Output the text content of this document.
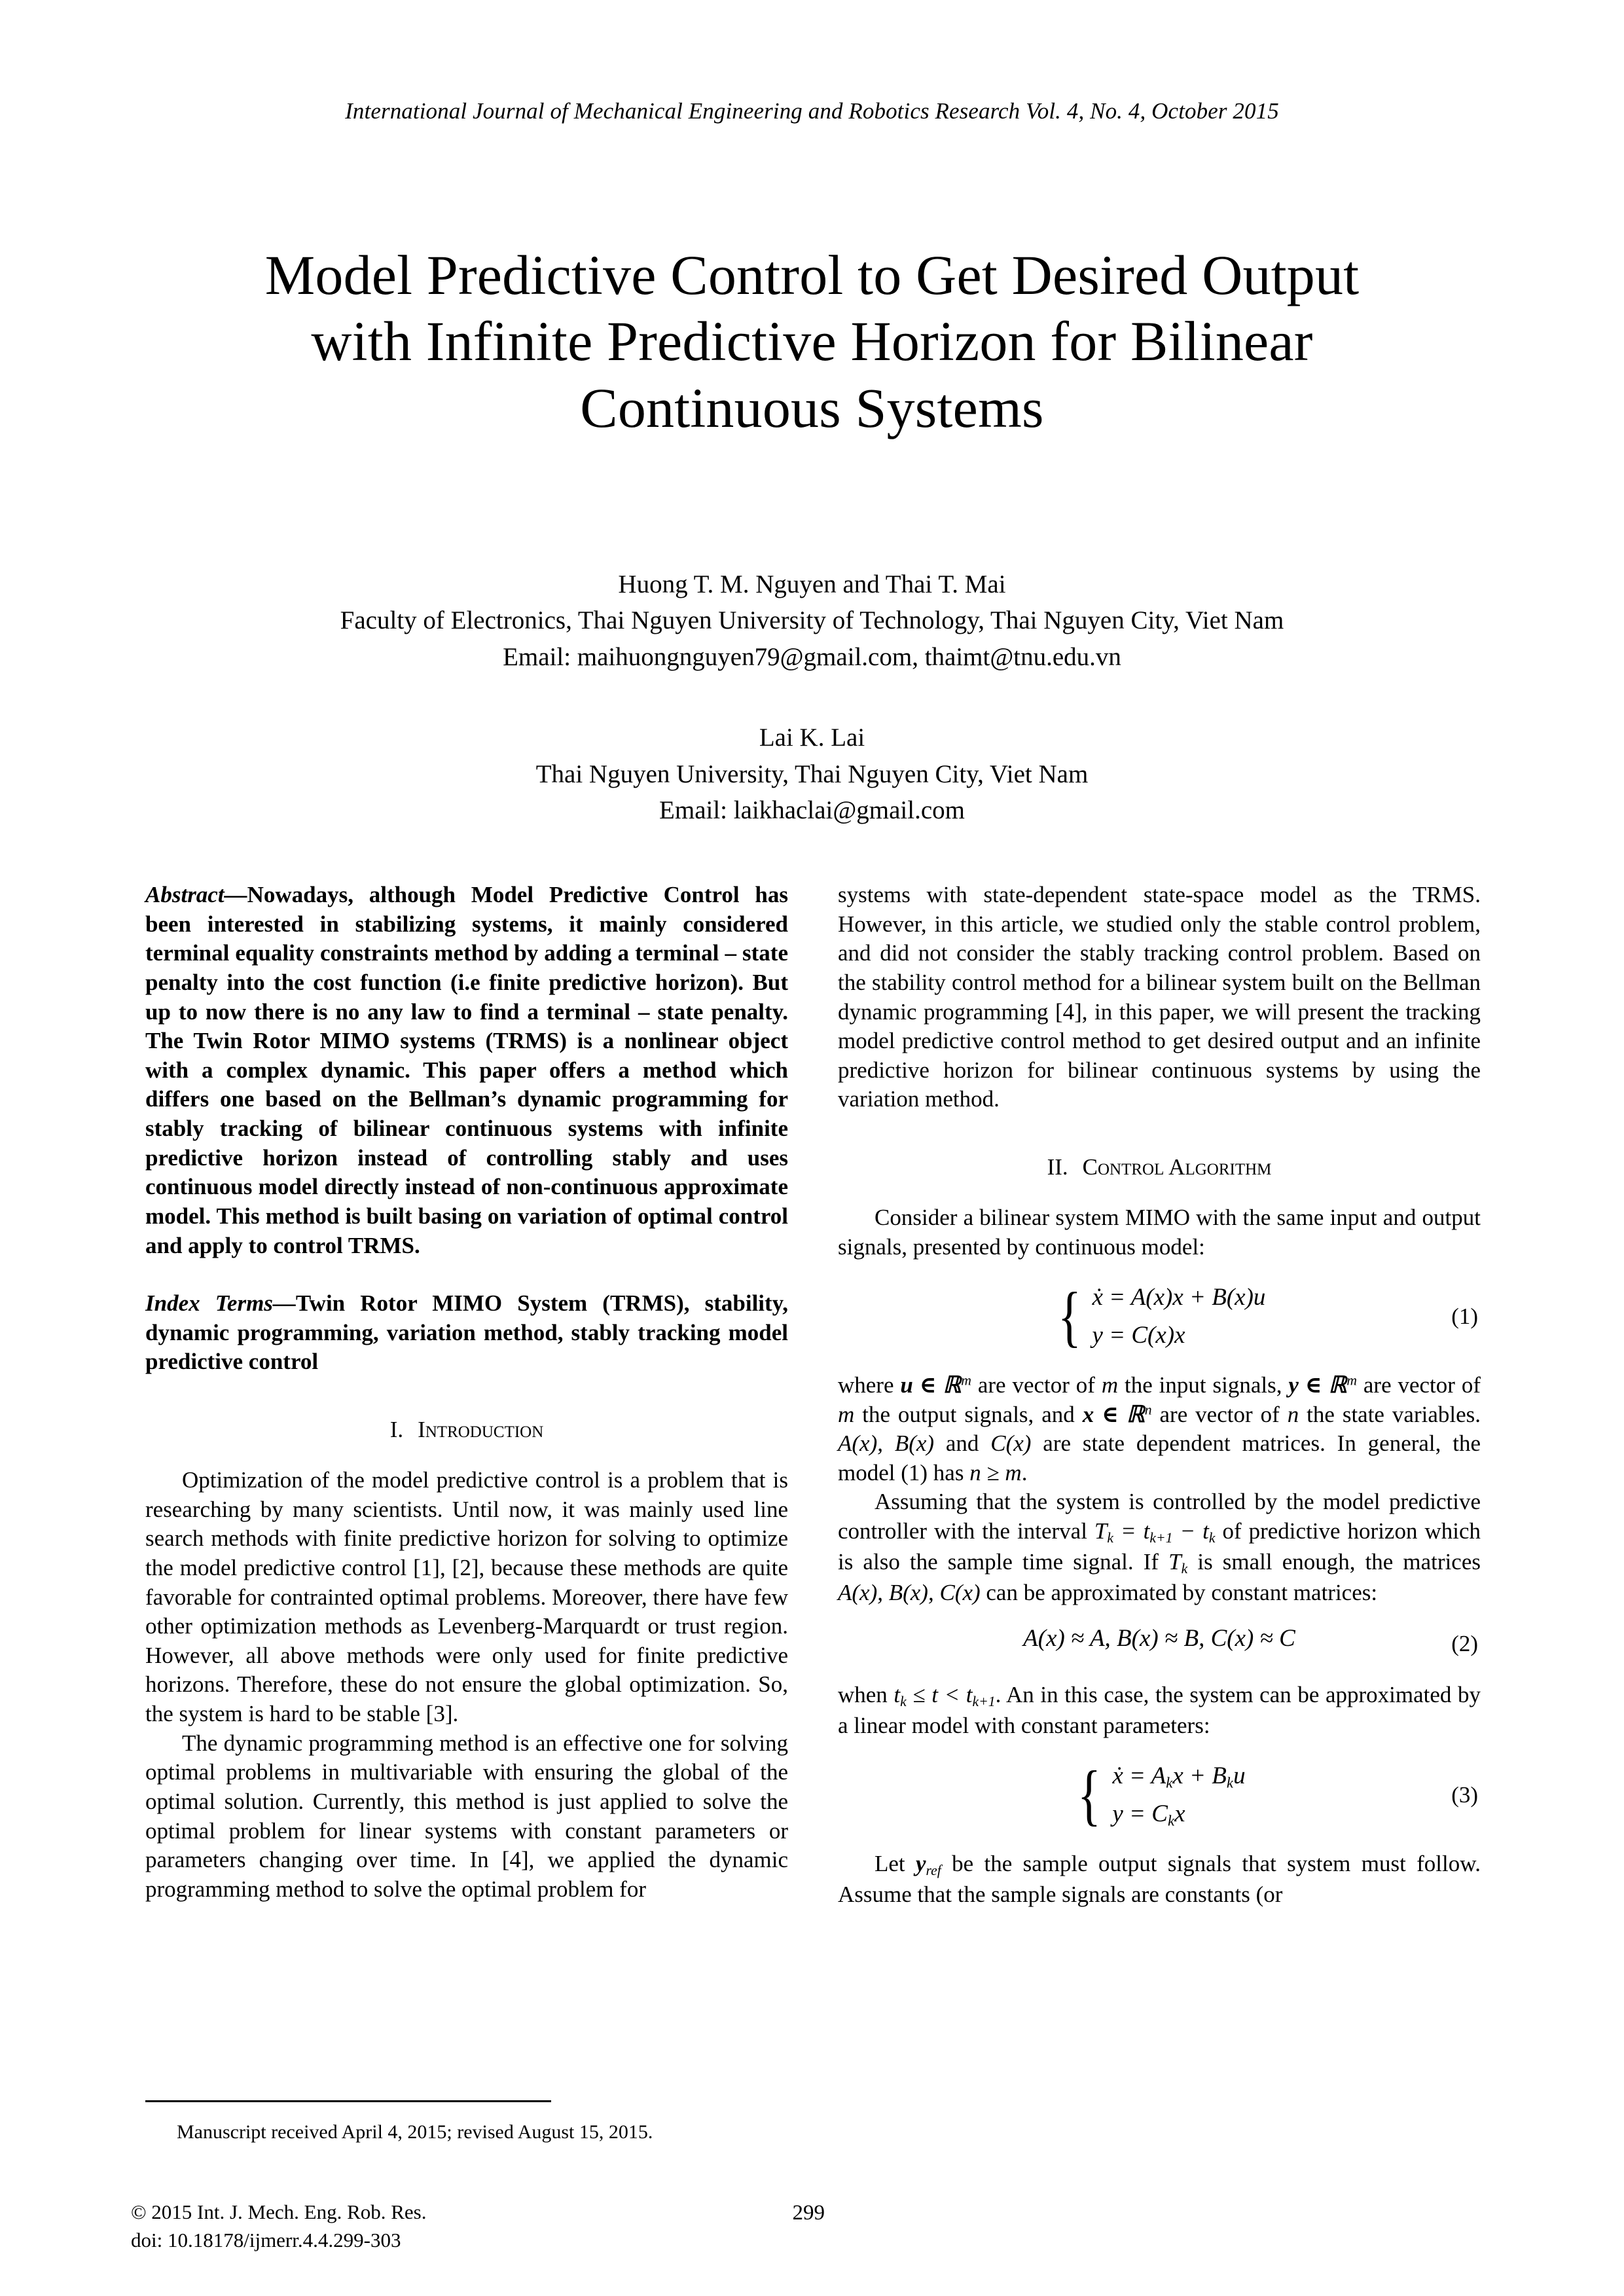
International Journal of Mechanical Engineering and Robotics Research Vol. 4, No. 4, October 2015
Model Predictive Control to Get Desired Output
with Infinite Predictive Horizon for Bilinear
Continuous Systems
Huong T. M. Nguyen and Thai T. Mai
Faculty of Electronics, Thai Nguyen University of Technology, Thai Nguyen City, Viet Nam
Email: maihuongnguyen79@gmail.com, thaimt@tnu.edu.vn
Lai K. Lai
Thai Nguyen University, Thai Nguyen City, Viet Nam
Email: laikhaclai@gmail.com

Abstract—Nowadays, although Model Predictive Control has been interested in stabilizing systems, it mainly considered terminal equality constraints method by adding a terminal – state penalty into the cost function (i.e finite predictive horizon). But up to now there is no any law to find a terminal – state penalty. The Twin Rotor MIMO systems (TRMS) is a nonlinear object with a complex dynamic. This paper offers a method which differs one based on the Bellman’s dynamic programming for stably tracking of bilinear continuous systems with infinite predictive horizon instead of controlling stably and uses continuous model directly instead of non-continuous approximate model. This method is built basing on variation of optimal control and apply to control TRMS.

Index Terms—Twin Rotor MIMO System (TRMS), stability, dynamic programming, variation method, stably tracking model predictive control

I. Introduction

Optimization of the model predictive control is a problem that is researching by many scientists. Until now, it was mainly used line search methods with finite predictive horizon for solving to optimize the model predictive control [1], [2], because these methods are quite favorable for contrainted optimal problems. Moreover, there have few other optimization methods as Levenberg-Marquardt or trust region. However, all above methods were only used for finite predictive horizons. Therefore, these do not ensure the global optimization. So, the system is hard to be stable [3].

The dynamic programming method is an effective one for solving optimal problems in multivariable with ensuring the global of the optimal solution. Currently, this method is just applied to solve the optimal problem for linear systems with constant parameters or parameters changing over time. In [4], we applied the dynamic programming method to solve the optimal problem for

systems with state-dependent state-space model as the TRMS. However, in this article, we studied only the stable control problem, and did not consider the stably tracking control problem. Based on the stability control method for a bilinear system built on the Bellman dynamic programming [4], in this paper, we will present the tracking model predictive control method to get desired output and an infinite predictive horizon for bilinear continuous systems by using the variation method.

II. Control Algorithm

Consider a bilinear system MIMO with the same input and output signals, presented by continuous model:

{ ẋ = A(x)x + B(x)u
y = C(x)x
(1)

where u ∈ ℝ$^m$ are vector of m the input signals, y ∈ ℝ$^m$ are vector of m the output signals, and x ∈ ℝ$^n$ are vector of n the state variables. A(x), B(x) and C(x) are state dependent matrices. In general, the model (1) has n ≥ m.

Assuming that the system is controlled by the model predictive controller with the interval $T_k = t_{k+1} - t_k$ of predictive horizon which is also the sample time signal. If $T_k$ is small enough, the matrices A(x), B(x), C(x) can be approximated by constant matrices:

A(x) ≈ A, B(x) ≈ B, C(x) ≈ C	(2)

when $t_k \le t < t_{k+1}$. An in this case, the system can be approximated by a linear model with constant parameters:

{ ẋ = $A_kx + B_ku$
$y = C_kx$
(3)

Let $y_{ref}$ be the sample output signals that system must follow. Assume that the sample signals are constants (or

Manuscript received April 4, 2015; revised August 15, 2015.

© 2015 Int. J. Mech. Eng. Rob. Res.
doi: 10.18178/ijmerr.4.4.299-303
299
